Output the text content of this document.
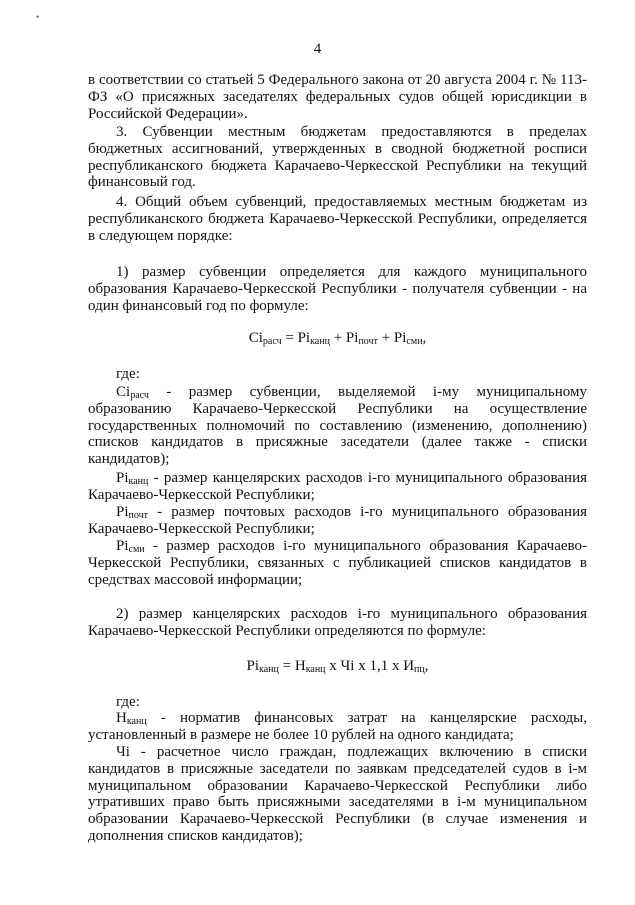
•
4
в соответствии со статьей 5 Федерального закона от 20 августа 2004 г. № 113-ФЗ «О присяжных заседателях федеральных судов общей юрисдикции в Российской Федерации».
3. Субвенции местным бюджетам предоставляются в пределах бюджетных ассигнований, утвержденных в сводной бюджетной росписи республиканского бюджета Карачаево-Черкесской Республики на текущий финансовый год.
4. Общий объем субвенций, предоставляемых местным бюджетам из республиканского бюджета Карачаево-Черкесской Республики, определяется в следующем порядке:
1) размер субвенции определяется для каждого муниципального образования Карачаево-Черкесской Республики - получателя субвенции - на один финансовый год по формуле:
$Ci_{расч} = Pi_{канц} + Pi_{почт} + Pi_{сми}$,
где:
$Ci_{расч}$ - размер субвенции, выделяемой i-му муниципальному образованию Карачаево-Черкесской Республики на осуществление государственных полномочий по составлению (изменению, дополнению) списков кандидатов в присяжные заседатели (далее также - списки кандидатов);
$Pi_{канц}$ - размер канцелярских расходов i-го муниципального образования Карачаево-Черкесской Республики;
$Pi_{почт}$ - размер почтовых расходов i-го муниципального образования Карачаево-Черкесской Республики;
$Pi_{сми}$ - размер расходов i-го муниципального образования Карачаево-Черкесской Республики, связанных с публикацией списков кандидатов в средствах массовой информации;
2) размер канцелярских расходов i-го муниципального образования Карачаево-Черкесской Республики определяются по формуле:
$Pi_{канц} = Н_{канц}$ х Чi х 1,1 х $И_{пц}$,
где:
$Н_{канц}$ - норматив финансовых затрат на канцелярские расходы, установленный в размере не более 10 рублей на одного кандидата;
Чi - расчетное число граждан, подлежащих включению в списки кандидатов в присяжные заседатели по заявкам председателей судов в i-м муниципальном образовании Карачаево-Черкесской Республики либо утративших право быть присяжными заседателями в i-м муниципальном образовании Карачаево-Черкесской Республики (в случае изменения и дополнения списков кандидатов);
